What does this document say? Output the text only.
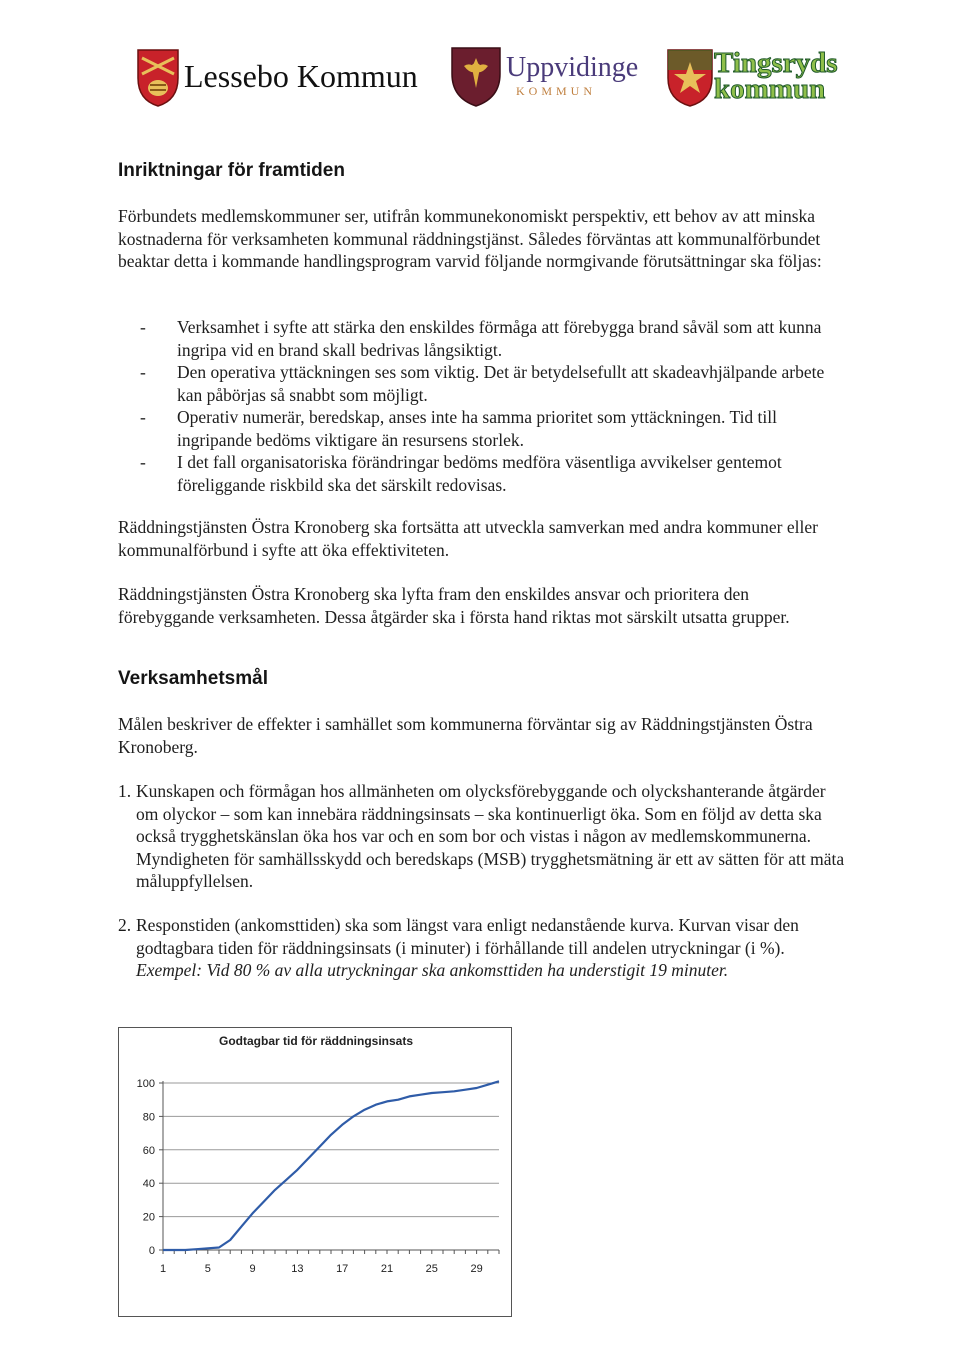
Lessebo Kommun	Uppvidinge
KOMMUN
Tingsryds
kommun
Inriktningar för framtiden

Förbundets medlemskommuner ser, utifrån kommunekonomiskt perspektiv, ett behov av att minska kostnaderna för verksamheten kommunal räddningstjänst. Således förväntas att kommunalförbundet beaktar detta i kommande handlingsprogram varvid följande normgivande förutsättningar ska följas:

- Verksamhet i syfte att stärka den enskildes förmåga att förebygga brand såväl som att kunna ingripa vid en brand skall bedrivas långsiktigt.
- Den operativa yttäckningen ses som viktig. Det är betydelsefullt att skadeavhjälpande arbete kan påbörjas så snabbt som möjligt.
- Operativ numerär, beredskap, anses inte ha samma prioritet som yttäckningen. Tid till ingripande bedöms viktigare än resursens storlek.
- I det fall organisatoriska förändringar bedöms medföra väsentliga avvikelser gentemot föreliggande riskbild ska det särskilt redovisas.

Räddningstjänsten Östra Kronoberg ska fortsätta att utveckla samverkan med andra kommuner eller kommunalförbund i syfte att öka effektiviteten.

Räddningstjänsten Östra Kronoberg ska lyfta fram den enskildes ansvar och prioritera den förebyggande verksamheten. Dessa åtgärder ska i första hand riktas mot särskilt utsatta grupper.

Verksamhetsmål

Målen beskriver de effekter i samhället som kommunerna förväntar sig av Räddningstjänsten Östra Kronoberg.

1. Kunskapen och förmågan hos allmänheten om olycksförebyggande och olyckshanterande åtgärder om olyckor – som kan innebära räddningsinsats – ska kontinuerligt öka. Som en följd av detta ska också trygghetskänslan öka hos var och en som bor och vistas i någon av medlemskommunerna. Myndigheten för samhällsskydd och beredskaps (MSB) trygghetsmätning är ett av sätten för att mäta måluppfyllelsen.
2. Responstiden (ankomsttiden) ska som längst vara enligt nedanstående kurva. Kurvan visar den godtagbara tiden för räddningsinsats (i minuter) i förhållande till andelen utryckningar (i %).
Exempel: Vid 80 % av alla utryckningar ska ankomsttiden ha understigit 19 minuter.
Godtagbar tid för räddningsinsats
0
20
40
60
80
100
1	5	9	13	17	21	25	29
